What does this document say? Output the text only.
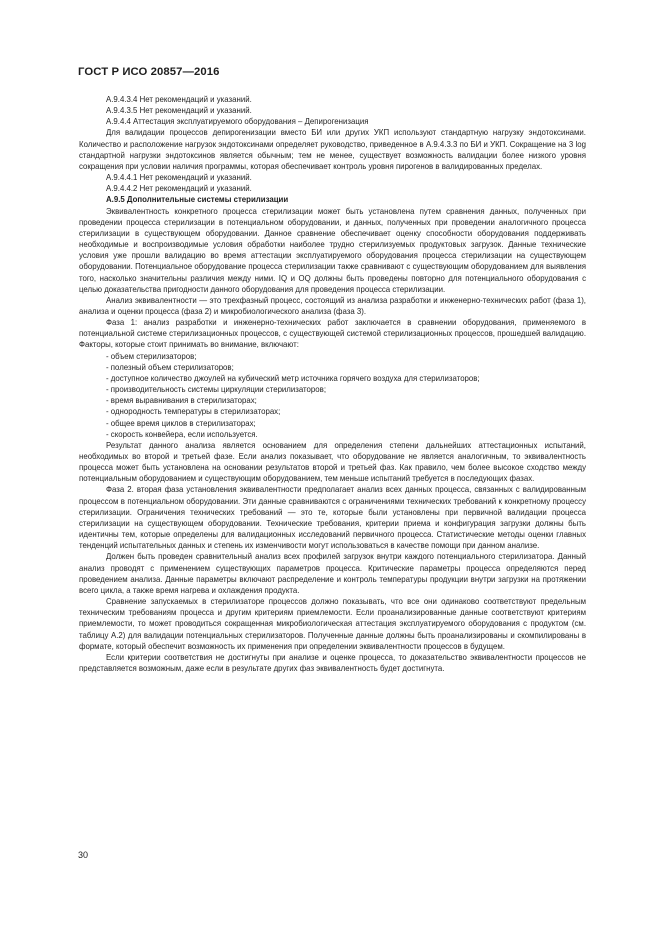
ГОСТ Р ИСО 20857—2016

А.9.4.3.4 Нет рекомендаций и указаний.

А.9.4.3.5 Нет рекомендаций и указаний.

А.9.4.4 Аттестация эксплуатируемого оборудования – Депирогенизация

Для валидации процессов депирогенизации вместо БИ или других УКП используют стандартную нагрузку эндотоксинами. Количество и расположение нагрузок эндотоксинами определяет руководство, приведенное в А.9.4.3.3 по БИ и УКП. Сокращение на 3 log стандартной нагрузки эндотоксинов является обычным; тем не менее, существует возможность валидации более низкого уровня сокращения при условии наличия программы, которая обеспечивает контроль уровня пирогенов в валидированных пределах.

А.9.4.4.1 Нет рекомендаций и указаний.

А.9.4.4.2 Нет рекомендаций и указаний.

А.9.5 Дополнительные системы стерилизации

Эквивалентность конкретного процесса стерилизации может быть установлена путем сравнения данных, полученных при проведении процесса стерилизации в потенциальном оборудовании, и данных, полученных при проведении аналогичного процесса стерилизации в существующем оборудовании. Данное сравнение обеспечивает оценку способности оборудования поддерживать необходимые и воспроизводимые условия обработки наиболее трудно стерилизуемых продуктовых загрузок. Данные технические условия уже прошли валидацию во время аттестации эксплуатируемого оборудования процесса стерилизации на существующем оборудовании. Потенциальное оборудование процесса стерилизации также сравнивают с существующим оборудованием для выявления того, насколько значительны различия между ними. IQ и OQ должны быть проведены повторно для потенциального оборудования с целью доказательства пригодности данного оборудования для проведения процесса стерилизации.

Анализ эквивалентности — это трехфазный процесс, состоящий из анализа разработки и инженерно-технических работ (фаза 1), анализа и оценки процесса (фаза 2) и микробиологического анализа (фаза 3).

Фаза 1: анализ разработки и инженерно-технических работ заключается в сравнении оборудования, применяемого в потенциальной системе стерилизационных процессов, с существующей системой стерилизационных процессов, прошедшей валидацию. Факторы, которые стоит принимать во внимание, включают:

- объем стерилизаторов;

- полезный объем стерилизаторов;

- доступное количество джоулей на кубический метр источника горячего воздуха для стерилизаторов;

- производительность системы циркуляции стерилизаторов;

- время выравнивания в стерилизаторах;

- однородность температуры в стерилизаторах;

- общее время циклов в стерилизаторах;

- скорость конвейера, если используется.

Результат данного анализа является основанием для определения степени дальнейших аттестационных испытаний, необходимых во второй и третьей фазе. Если анализ показывает, что оборудование не является аналогичным, то эквивалентность процесса может быть установлена на основании результатов второй и третьей фаз. Как правило, чем более высокое сходство между потенциальным оборудованием и существующим оборудованием, тем меньше испытаний требуется в последующих фазах.

Фаза 2. вторая фаза установления эквивалентности предполагает анализ всех данных процесса, связанных с валидированным процессом в потенциальном оборудовании. Эти данные сравниваются с ограничениями технических требований к конкретному процессу стерилизации. Ограничения технических требований — это те, которые были установлены при первичной валидации процесса стерилизации на существующем оборудовании. Технические требования, критерии приема и конфигурация загрузки должны быть идентичны тем, которые определены для валидационных исследований первичного процесса. Статистические методы оценки главных тенденций испытательных данных и степень их изменчивости могут использоваться в качестве помощи при данном анализе.

Должен быть проведен сравнительный анализ всех профилей загрузок внутри каждого потенциального стерилизатора. Данный анализ проводят с применением существующих параметров процесса. Критические параметры процесса определяются перед проведением анализа. Данные параметры включают распределение и контроль температуры продукции внутри загрузки на протяжении всего цикла, а также время нагрева и охлаждения продукта.

Сравнение запускаемых в стерилизаторе процессов должно показывать, что все они одинаково соответствуют предельным техническим требованиям процесса и другим критериям приемлемости. Если проанализированные данные соответствуют критериям приемлемости, то может проводиться сокращенная микробиологическая аттестация эксплуатируемого оборудования с продуктом (см. таблицу А.2) для валидации потенциальных стерилизаторов. Полученные данные должны быть проанализированы и скомпилированы в формате, который обеспечит возможность их применения при определении эквивалентности процессов в будущем.

Если критерии соответствия не достигнуты при анализе и оценке процесса, то доказательство эквивалентности процессов не представляется возможным, даже если в результате других фаз эквивалентность будет достигнута.

30
